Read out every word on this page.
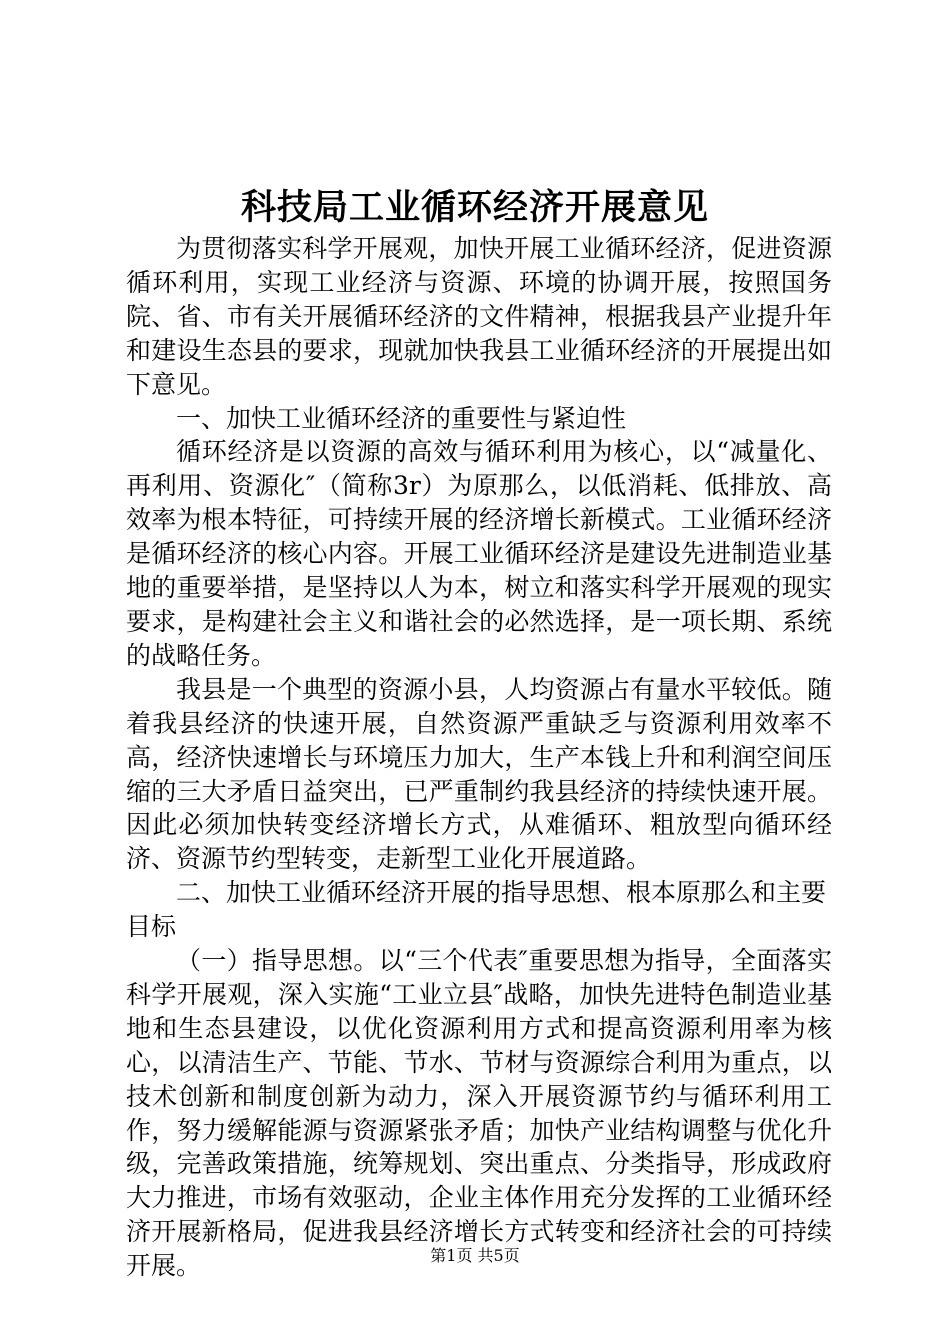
科技局工业循环经济开展意见

为贯彻落实科学开展观，加快开展工业循环经济，促进资源循环利用，实现工业经济与资源、环境的协调开展，按照国务院、省、市有关开展循环经济的文件精神，根据我县产业提升年和建设生态县的要求，现就加快我县工业循环经济的开展提出如下意见。

一、加快工业循环经济的重要性与紧迫性

循环经济是以资源的高效与循环利用为核心，以“减量化、再利用、资源化″（简称3r）为原那么，以低消耗、低排放、高效率为根本特征，可持续开展的经济增长新模式。工业循环经济是循环经济的核心内容。开展工业循环经济是建设先进制造业基地的重要举措，是坚持以人为本，树立和落实科学开展观的现实要求，是构建社会主义和谐社会的必然选择，是一项长期、系统的战略任务。

我县是一个典型的资源小县，人均资源占有量水平较低。随着我县经济的快速开展，自然资源严重缺乏与资源利用效率不高，经济快速增长与环境压力加大，生产本钱上升和利润空间压缩的三大矛盾日益突出，已严重制约我县经济的持续快速开展。因此必须加快转变经济增长方式，从难循环、粗放型向循环经济、资源节约型转变，走新型工业化开展道路。

二、加快工业循环经济开展的指导思想、根本原那么和主要目标

（一）指导思想。以“三个代表″重要思想为指导，全面落实科学开展观，深入实施“工业立县″战略，加快先进特色制造业基地和生态县建设，以优化资源利用方式和提高资源利用率为核心，以清洁生产、节能、节水、节材与资源综合利用为重点，以技术创新和制度创新为动力，深入开展资源节约与循环利用工作，努力缓解能源与资源紧张矛盾；加快产业结构调整与优化升级，完善政策措施，统筹规划、突出重点、分类指导，形成政府大力推进，市场有效驱动，企业主体作用充分发挥的工业循环经济开展新格局，促进我县经济增长方式转变和经济社会的可持续开展。	第1页 共5页
